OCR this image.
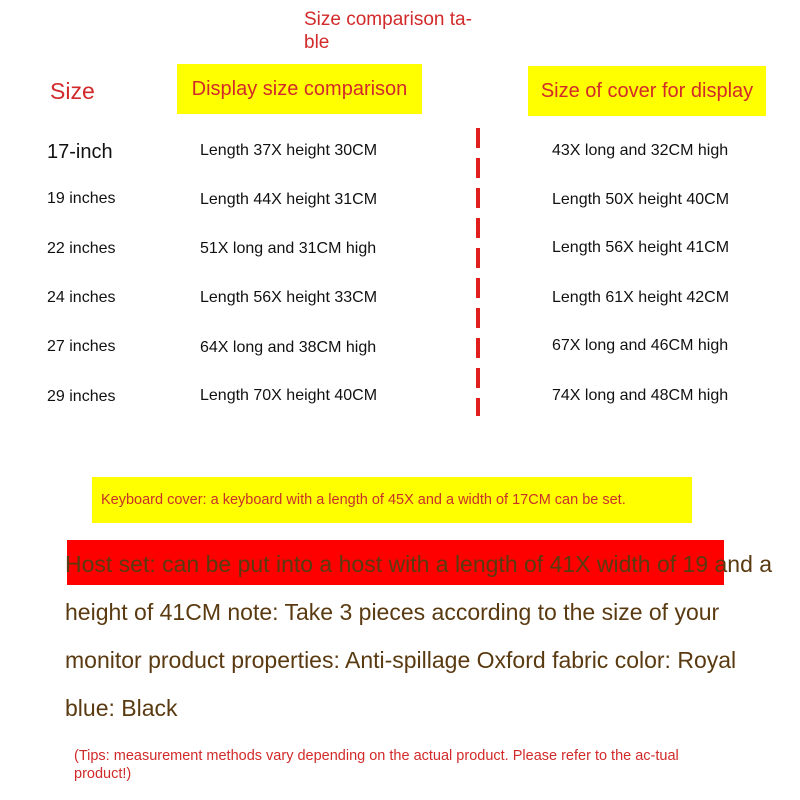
Size comparison ta-ble
Size	Display size comparison	Size of cover for display
17-inch	Length 37X height 30CM	43X long and 32CM high
19 inches	Length 44X height 31CM	Length 50X height 40CM
22 inches	51X long and 31CM high	Length 56X height 41CM
24 inches	Length 56X height 33CM	Length 61X height 42CM
27 inches	64X long and 38CM high	67X long and 46CM high
29 inches	Length 70X height 40CM	74X long and 48CM high
Keyboard cover: a keyboard with a length of 45X and a width of 17CM can be set.
Host set: can be put into a host with a length of 41X width of 19 and a height of 41CM note: Take 3 pieces according to the size of your monitor product properties: Anti-spillage Oxford fabric color: Royal blue: Black
(Tips: measurement methods vary depending on the actual product. Please refer to the ac-tual product!)
